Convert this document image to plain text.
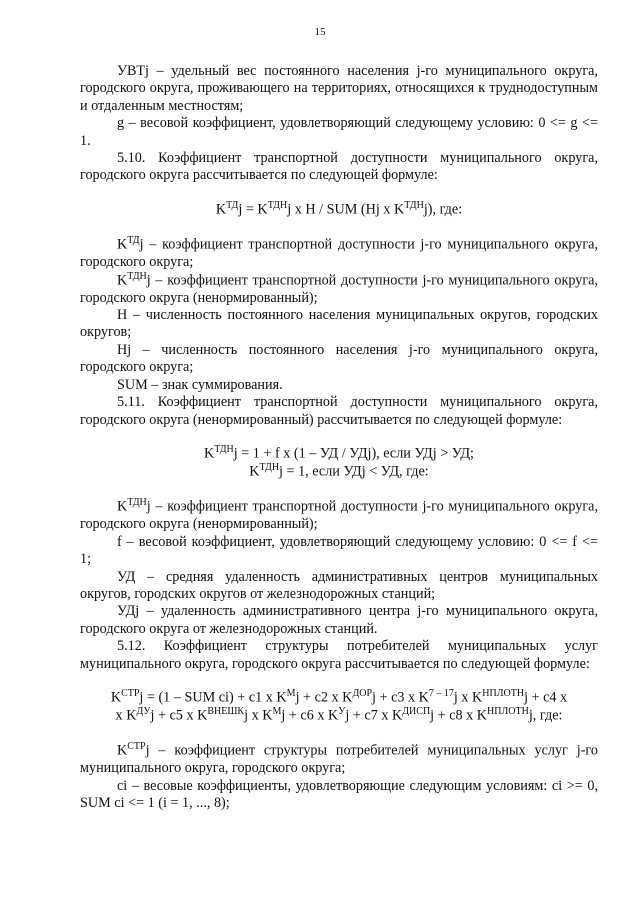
15

УВТj – удельный вес постоянного населения j-го муниципального округа, городского округа, проживающего на территориях, относящихся к труднодоступным и отдаленным местностям;

g – весовой коэффициент, удовлетворяющий следующему условию: 0 <= g <= 1.

5.10. Коэффициент транспортной доступности муниципального округа, городского округа рассчитывается по следующей формуле:

$K^{ТД}j = K^{ТДН}j$ x H / SUM (Hj x $K^{ТДН}j$), где:

$K^{ТД}j$ – коэффициент транспортной доступности j-го муниципального округа, городского округа;

$K^{ТДН}j$ – коэффициент транспортной доступности j-го муниципального округа, городского округа (ненормированный);

H – численность постоянного населения муниципальных округов, городских округов;

Hj – численность постоянного населения j-го муниципального округа, городского округа;

SUM – знак суммирования.

5.11. Коэффициент транспортной доступности муниципального округа, городского округа (ненормированный) рассчитывается по следующей формуле:

$K^{ТДН}j = 1 + f$ x (1 – УД / УДj), если УДj > УД;

$K^{ТДН}j = 1$, если УДj < УД, где:

$K^{ТДН}j$ – коэффициент транспортной доступности j-го муниципального округа, городского округа (ненормированный);

f – весовой коэффициент, удовлетворяющий следующему условию: 0 <= f <= 1;

УД – средняя удаленность административных центров муниципальных округов, городских округов от железнодорожных станций;

УДj – удаленность административного центра j-го муниципального округа, городского округа от железнодорожных станций.

5.12. Коэффициент структуры потребителей муниципальных услуг муниципального округа, городского округа рассчитывается по следующей формуле:

$K^{СТР}j = (1$ – SUM ci) + c1 x $K^Мj + c2$ x $K^{ДОР}j + c3$ x $K^{7 - 17}j$ x $K^{НПЛОТН}j + c4$ x

x $K^{ДУ}j + c5$ x $K^{ВНЕШК}j$ x $K^Мj + c6$ x $K^Уj + c7$ x $K^{ДИСП}j + c8$ x $K^{НПЛОТН}j$, где:

$K^{СТР}j$ – коэффициент структуры потребителей муниципальных услуг j-го муниципального округа, городского округа;

ci – весовые коэффициенты, удовлетворяющие следующим условиям: ci >= 0, SUM ci <= 1 (i = 1, ..., 8);
